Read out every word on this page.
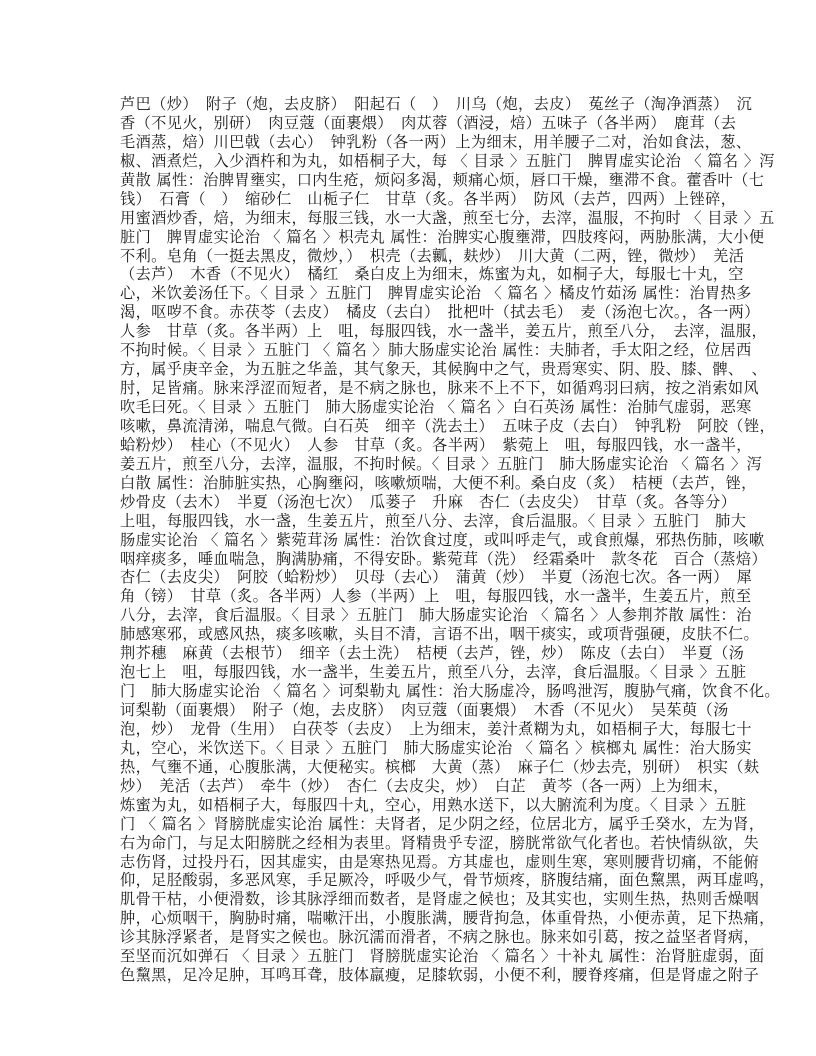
芦巴（炒）　附子（炮，去皮脐）　阳起石（　）　川乌（炮，去皮）　菟丝子（淘净酒蒸）　沉
香（不见火，别研）　肉豆蔻（面裹煨）　肉苁蓉（酒浸，焙）五味子（各半两）　鹿茸（去
毛酒蒸，焙）川巴戟（去心）　钟乳粉（各一两）上为细末，用羊腰子二对，治如食法，葱、
椒、酒煮烂，入少酒杵和为丸，如梧桐子大，每 〈 目录 〉五脏门　脾胃虚实论治 〈 篇名 〉泻
黄散 属性：治脾胃壅实，口内生疮，烦闷多渴，颊痛心烦，唇口干燥，壅滞不食。藿香叶（七
钱）　石膏（　）　缩砂仁　山栀子仁　甘草（炙。各半两）　防风（去芦，四两）上锉碎，
用蜜酒炒香，焙，为细末，每服三钱，水一大盏，煎至七分，去滓，温服，不拘时 〈 目录 〉五
脏门　脾胃虚实论治 〈 篇名 〉枳壳丸 属性：治脾实心腹壅滞，四肢疼闷，两胁胀满，大小便
不利。皂角（一挺去黑皮，微炒，）　枳壳（去瓤，麸炒）　川大黄（二两，锉，微炒）　羌活
（去芦）　木香（不见火）　橘红　桑白皮上为细末，炼蜜为丸，如桐子大，每服七十丸，空
心，米饮姜汤任下。〈 目录 〉五脏门　脾胃虚实论治 〈 篇名 〉橘皮竹茹汤 属性：治胃热多
渴，呕哕不食。赤茯苓（去皮）　橘皮（去白）　批杷叶（拭去毛）　麦（汤泡七次。，各一两）
人参　甘草（炙。各半两）上　咀，每服四钱，水一盏半，姜五片，煎至八分，　去滓，温服，
不拘时候。〈 目录 〉五脏门 〈 篇名 〉肺大肠虚实论治 属性：夫肺者，手太阳之经，位居西
方，属乎庚辛金，为五脏之华盖，其气象天，其候胸中之气，贵焉寒实、阴、股、膝、髀、　、
肘，足皆痛。脉来浮涩而短者，是不病之脉也，脉来不上不下，如循鸡羽曰病，按之消索如风
吹毛曰死。〈 目录 〉五脏门　肺大肠虚实论治 〈 篇名 〉白石英汤 属性：治肺气虚弱，恶寒
咳嗽，鼻流清涕，喘息气微。白石英　细辛（洗去土）　五味子皮（去白）　钟乳粉　阿胶（锉，
蛤粉炒）　桂心（不见火）　人参　甘草（炙。各半两）　紫菀上　咀，每服四钱，水一盏半，
姜五片，煎至八分，去滓，温服，不拘时候。〈 目录 〉五脏门　肺大肠虚实论治 〈 篇名 〉泻
白散 属性：治肺脏实热，心胸壅闷，咳嗽烦喘，大便不利。桑白皮（炙）　桔梗（去芦，锉，
炒骨皮（去木）　半夏（汤泡七次）　瓜蒌子　升麻　杏仁（去皮尖）　甘草（炙。各等分）
上咀，每服四钱，水一盏，生姜五片，煎至八分、去滓，食后温服。〈 目录 〉五脏门　肺大
肠虚实论治 〈 篇名 〉紫菀茸汤 属性：治饮食过度，或叫呼走气，或食煎爆，邪热伤肺，咳嗽
咽痒痰多，唾血喘急，胸满胁痛，不得安卧。紫菀茸（洗）　经霜桑叶　款冬花　百合（蒸焙）
杏仁（去皮尖）　阿胶（蛤粉炒）　贝母（去心）　蒲黄（炒）　半夏（汤泡七次。各一两）　犀
角（镑）　甘草（炙。各半两）人参（半两）上　咀，每服四钱，水一盏半，生姜五片，煎至
八分，去滓，食后温服。〈 目录 〉五脏门　肺大肠虚实论治 〈 篇名 〉人参荆芥散 属性：治
肺感寒邪，或感风热，痰多咳嗽，头目不清，言语不出，咽干痰实，或项背强硬，皮肤不仁。
荆芥穗　麻黄（去根节）　细辛（去土洗）　桔梗（去芦，锉，炒）　陈皮（去白）　半夏（汤
泡七上　咀，每服四钱，水一盏半，生姜五片，煎至八分，去滓，食后温服。〈 目录 〉五脏
门　肺大肠虚实论治 〈 篇名 〉诃梨勒丸 属性：治大肠虚冷，肠鸣泄泻，腹胁气痛，饮食不化。
诃梨勒（面裹煨）　附子（炮，去皮脐）　肉豆蔻（面裹煨）　木香（不见火）　吴茱萸（汤
泡，炒）　龙骨（生用）　白茯苓（去皮）　上为细末，姜汁煮糊为丸，如梧桐子大，每服七十
丸，空心，米饮送下。〈 目录 〉五脏门　肺大肠虚实论治 〈 篇名 〉槟榔丸 属性：治大肠实
热，气壅不通，心腹胀满，大便秘实。槟榔　大黄（蒸）　麻子仁（炒去壳，别研）　枳实（麸
炒）　羌活（去芦）　牵牛（炒）　杏仁（去皮尖，炒）　白芷　黄芩（各一两）上为细末，
炼蜜为丸，如梧桐子大，每服四十丸，空心，用熟水送下，以大腑流利为度。〈 目录 〉五脏
门 〈 篇名 〉肾膀胱虚实论治 属性：夫肾者，足少阴之经，位居北方，属乎壬癸水，左为肾，
右为命门，与足太阳膀胱之经相为表里。肾精贵乎专涩，膀胱常欲气化者也。若快情纵欲，失
志伤肾，过投丹石，因其虚实，由是寒热见焉。方其虚也，虚则生寒，寒则腰背切痛，不能俯
仰，足胫酸弱，多恶风寒，手足厥冷，呼吸少气，骨节烦疼，脐腹结痛，面色黧黑，两耳虚鸣，
肌骨干枯，小便滑数，诊其脉浮细而数者，是肾虚之候也；及其实也，实则生热，热则舌燥咽
肿，心烦咽干，胸胁时痛，喘嗽汗出，小腹胀满，腰背拘急，体重骨热，小便赤黄，足下热痛，
诊其脉浮紧者，是肾实之候也。脉沉濡而滑者，不病之脉也。脉来如引葛，按之益坚者肾病，
至坚而沉如弹石 〈 目录 〉五脏门　肾膀胱虚实论治 〈 篇名 〉十补丸 属性：治肾脏虚弱，面
色黧黑，足冷足肿，耳鸣耳聋，肢体羸瘦，足膝软弱，小便不利，腰脊疼痛，但是肾虚之附子
